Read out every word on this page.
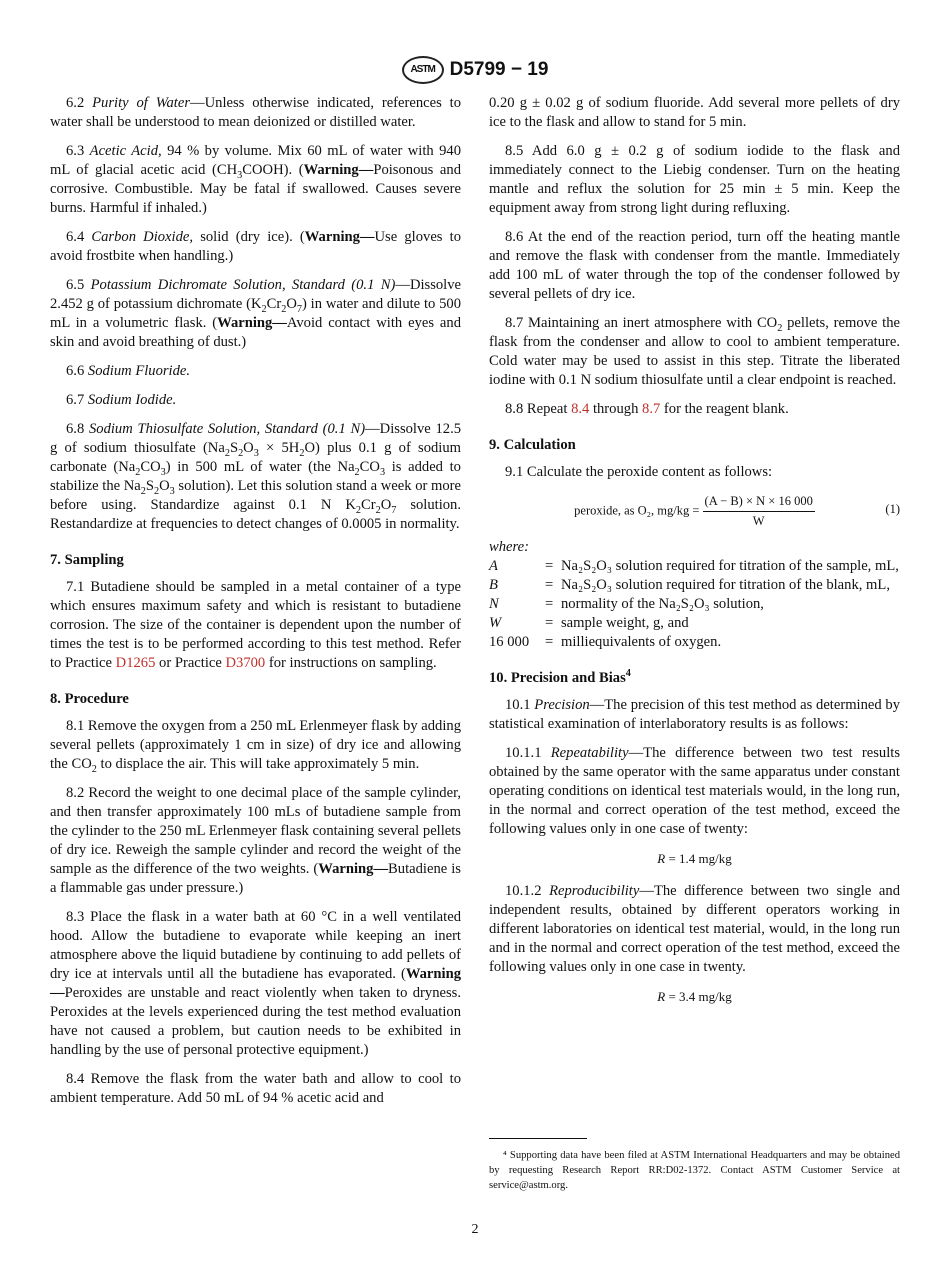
ASTM D5799 − 19

6.2 Purity of Water—Unless otherwise indicated, references to water shall be understood to mean deionized or distilled water.

6.3 Acetic Acid, 94 % by volume. Mix 60 mL of water with 940 mL of glacial acetic acid $(CH_3COOH)$. (Warning—Poisonous and corrosive. Combustible. May be fatal if swallowed. Causes severe burns. Harmful if inhaled.)

6.4 Carbon Dioxide, solid (dry ice). (Warning—Use gloves to avoid frostbite when handling.)

6.5 Potassium Dichromate Solution, Standard (0.1 N)—Dissolve 2.452 g of potassium dichromate $(K_2Cr_2O_7)$ in water and dilute to 500 mL in a volumetric flask. (Warning—Avoid contact with eyes and skin and avoid breathing of dust.)

6.6 Sodium Fluoride.

6.7 Sodium Iodide.

6.8 Sodium Thiosulfate Solution, Standard (0.1 N)—Dissolve 12.5 g of sodium thiosulfate $(Na_2S_2O_3 \times 5H_2O)$ plus 0.1 g of sodium carbonate $(Na_2CO_3)$ in 500 mL of water (the $Na_2CO_3$ is added to stabilize the $Na_2S_2O_3$ solution). Let this solution stand a week or more before using. Standardize against 0.1 N $K_2Cr_2O_7$ solution. Restandardize at frequencies to detect changes of 0.0005 in normality.

7. Sampling

7.1 Butadiene should be sampled in a metal container of a type which ensures maximum safety and which is resistant to butadiene corrosion. The size of the container is dependent upon the number of times the test is to be performed according to this test method. Refer to Practice D1265 or Practice D3700 for instructions on sampling.

8. Procedure

8.1 Remove the oxygen from a 250 mL Erlenmeyer flask by adding several pellets (approximately 1 cm in size) of dry ice and allowing the $CO_2$ to displace the air. This will take approximately 5 min.

8.2 Record the weight to one decimal place of the sample cylinder, and then transfer approximately 100 mLs of butadiene sample from the cylinder to the 250 mL Erlenmeyer flask containing several pellets of dry ice. Reweigh the sample cylinder and record the weight of the sample as the difference of the two weights. (Warning—Butadiene is a flammable gas under pressure.)

8.3 Place the flask in a water bath at 60 °C in a well ventilated hood. Allow the butadiene to evaporate while keeping an inert atmosphere above the liquid butadiene by continuing to add pellets of dry ice at intervals until all the butadiene has evaporated. (Warning—Peroxides are unstable and react violently when taken to dryness. Peroxides at the levels experienced during the test method evaluation have not caused a problem, but caution needs to be exhibited in handling by the use of personal protective equipment.)

8.4 Remove the flask from the water bath and allow to cool to ambient temperature. Add 50 mL of 94 % acetic acid and

0.20 g ± 0.02 g of sodium fluoride. Add several more pellets of dry ice to the flask and allow to stand for 5 min.

8.5 Add 6.0 g ± 0.2 g of sodium iodide to the flask and immediately connect to the Liebig condenser. Turn on the heating mantle and reflux the solution for 25 min ± 5 min. Keep the equipment away from strong light during refluxing.

8.6 At the end of the reaction period, turn off the heating mantle and remove the flask with condenser from the mantle. Immediately add 100 mL of water through the top of the condenser followed by several pellets of dry ice.

8.7 Maintaining an inert atmosphere with $CO_2$ pellets, remove the flask from the condenser and allow to cool to ambient temperature. Cold water may be used to assist in this step. Titrate the liberated iodine with 0.1 N sodium thiosulfate until a clear endpoint is reached.

8.8 Repeat 8.4 through 8.7 for the reagent blank.

9. Calculation

9.1 Calculate the peroxide content as follows:

peroxide, as O₂, $mg/kg = \frac{(A - B) \times N \times 16 000}{W}$	(1)
where:
A	= Na₂S₂O₃ solution required for titration of the sample, mL,
B	= Na₂S₂O₃ solution required for titration of the blank, mL,
N	= normality of the Na₂S₂O₃ solution,
W	= sample weight, g, and
16 000	= milliequivalents of oxygen.
10. Precision and Bias$^4$

10.1 Precision—The precision of this test method as determined by statistical examination of interlaboratory results is as follows:

10.1.1 Repeatability—The difference between two test results obtained by the same operator with the same apparatus under constant operating conditions on identical test materials would, in the long run, in the normal and correct operation of the test method, exceed the following values only in one case of twenty:

R = 1.4 mg/kg

10.1.2 Reproducibility—The difference between two single and independent results, obtained by different operators working in different laboratories on identical test material, would, in the long run and in the normal and correct operation of the test method, exceed the following values only in one case in twenty.

R = 3.4 mg/kg

⁴ Supporting data have been filed at ASTM International Headquarters and may be obtained by requesting Research Report RR:D02-1372. Contact ASTM Customer Service at service@astm.org.

2
